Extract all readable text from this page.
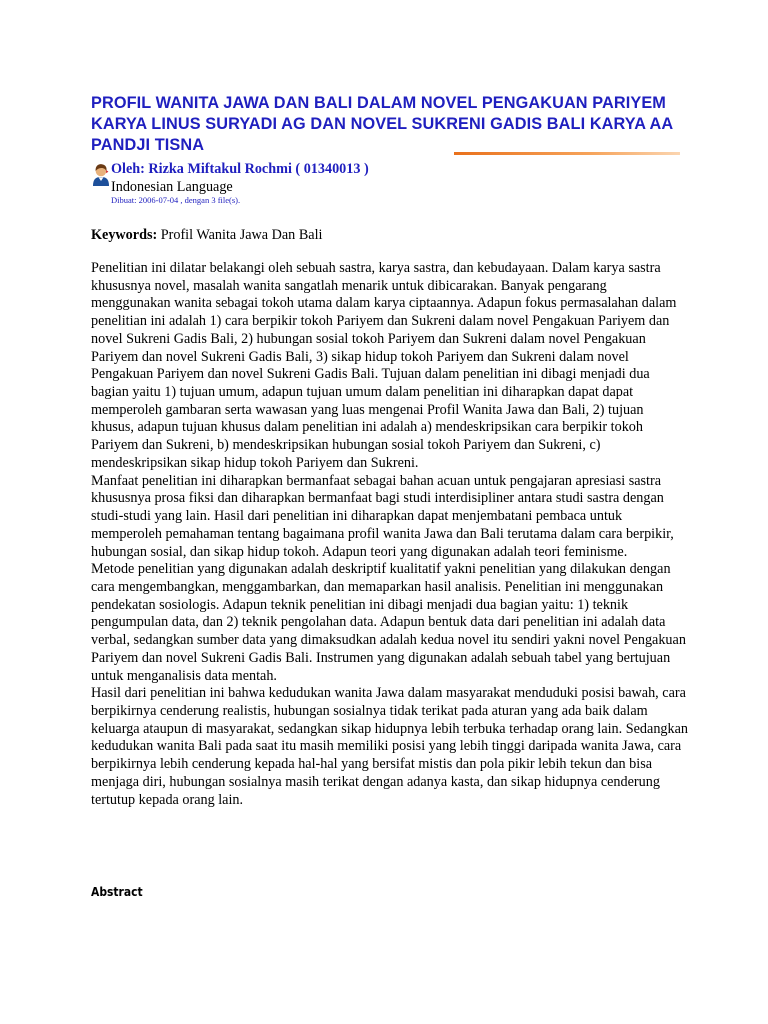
PROFIL WANITA JAWA DAN BALI DALAM NOVEL PENGAKUAN PARIYEM KARYA LINUS SURYADI AG DAN NOVEL SUKRENI GADIS BALI KARYA AA PANDJI TISNA
Oleh: Rizka Miftakul Rochmi ( 01340013 )
Indonesian Language
Dibuat: 2006-07-04 , dengan 3 file(s).
Keywords: Profil Wanita Jawa Dan Bali

Penelitian ini dilatar belakangi oleh sebuah sastra, karya sastra, dan kebudayaan. Dalam karya sastra khususnya novel, masalah wanita sangatlah menarik untuk dibicarakan. Banyak pengarang menggunakan wanita sebagai tokoh utama dalam karya ciptaannya. Adapun fokus permasalahan dalam penelitian ini adalah 1) cara berpikir tokoh Pariyem dan Sukreni dalam novel Pengakuan Pariyem dan novel Sukreni Gadis Bali, 2) hubungan sosial tokoh Pariyem dan Sukreni dalam novel Pengakuan Pariyem dan novel Sukreni Gadis Bali, 3) sikap hidup tokoh Pariyem dan Sukreni dalam novel Pengakuan Pariyem dan novel Sukreni Gadis Bali. Tujuan dalam penelitian ini dibagi menjadi dua bagian yaitu 1) tujuan umum, adapun tujuan umum dalam penelitian ini diharapkan dapat dapat memperoleh gambaran serta wawasan yang luas mengenai Profil Wanita Jawa dan Bali, 2) tujuan khusus, adapun tujuan khusus dalam penelitian ini adalah a) mendeskripsikan cara berpikir tokoh Pariyem dan Sukreni, b) mendeskripsikan hubungan sosial tokoh Pariyem dan Sukreni, c) mendeskripsikan sikap hidup tokoh Pariyem dan Sukreni.

Manfaat penelitian ini diharapkan bermanfaat sebagai bahan acuan untuk pengajaran apresiasi sastra khususnya prosa fiksi dan diharapkan bermanfaat bagi studi interdisipliner antara studi sastra dengan studi-studi yang lain. Hasil dari penelitian ini diharapkan dapat menjembatani pembaca untuk memperoleh pemahaman tentang bagaimana profil wanita Jawa dan Bali terutama dalam cara berpikir, hubungan sosial, dan sikap hidup tokoh. Adapun teori yang digunakan adalah teori feminisme.

Metode penelitian yang digunakan adalah deskriptif kualitatif yakni penelitian yang dilakukan dengan cara mengembangkan, menggambarkan, dan memaparkan hasil analisis. Penelitian ini menggunakan pendekatan sosiologis. Adapun teknik penelitian ini dibagi menjadi dua bagian yaitu: 1) teknik pengumpulan data, dan 2) teknik pengolahan data. Adapun bentuk data dari penelitian ini adalah data verbal, sedangkan sumber data yang dimaksudkan adalah kedua novel itu sendiri yakni novel Pengakuan Pariyem dan novel Sukreni Gadis Bali. Instrumen yang digunakan adalah sebuah tabel yang bertujuan untuk menganalisis data mentah.

Hasil dari penelitian ini bahwa kedudukan wanita Jawa dalam masyarakat menduduki posisi bawah, cara berpikirnya cenderung realistis, hubungan sosialnya tidak terikat pada aturan yang ada baik dalam keluarga ataupun di masyarakat, sedangkan sikap hidupnya lebih terbuka terhadap orang lain. Sedangkan kedudukan wanita Bali pada saat itu masih memiliki posisi yang lebih tinggi daripada wanita Jawa, cara berpikirnya lebih cenderung kepada hal-hal yang bersifat mistis dan pola pikir lebih tekun dan bisa menjaga diri, hubungan sosialnya masih terikat dengan adanya kasta, dan sikap hidupnya cenderung tertutup kepada orang lain.

Abstract
